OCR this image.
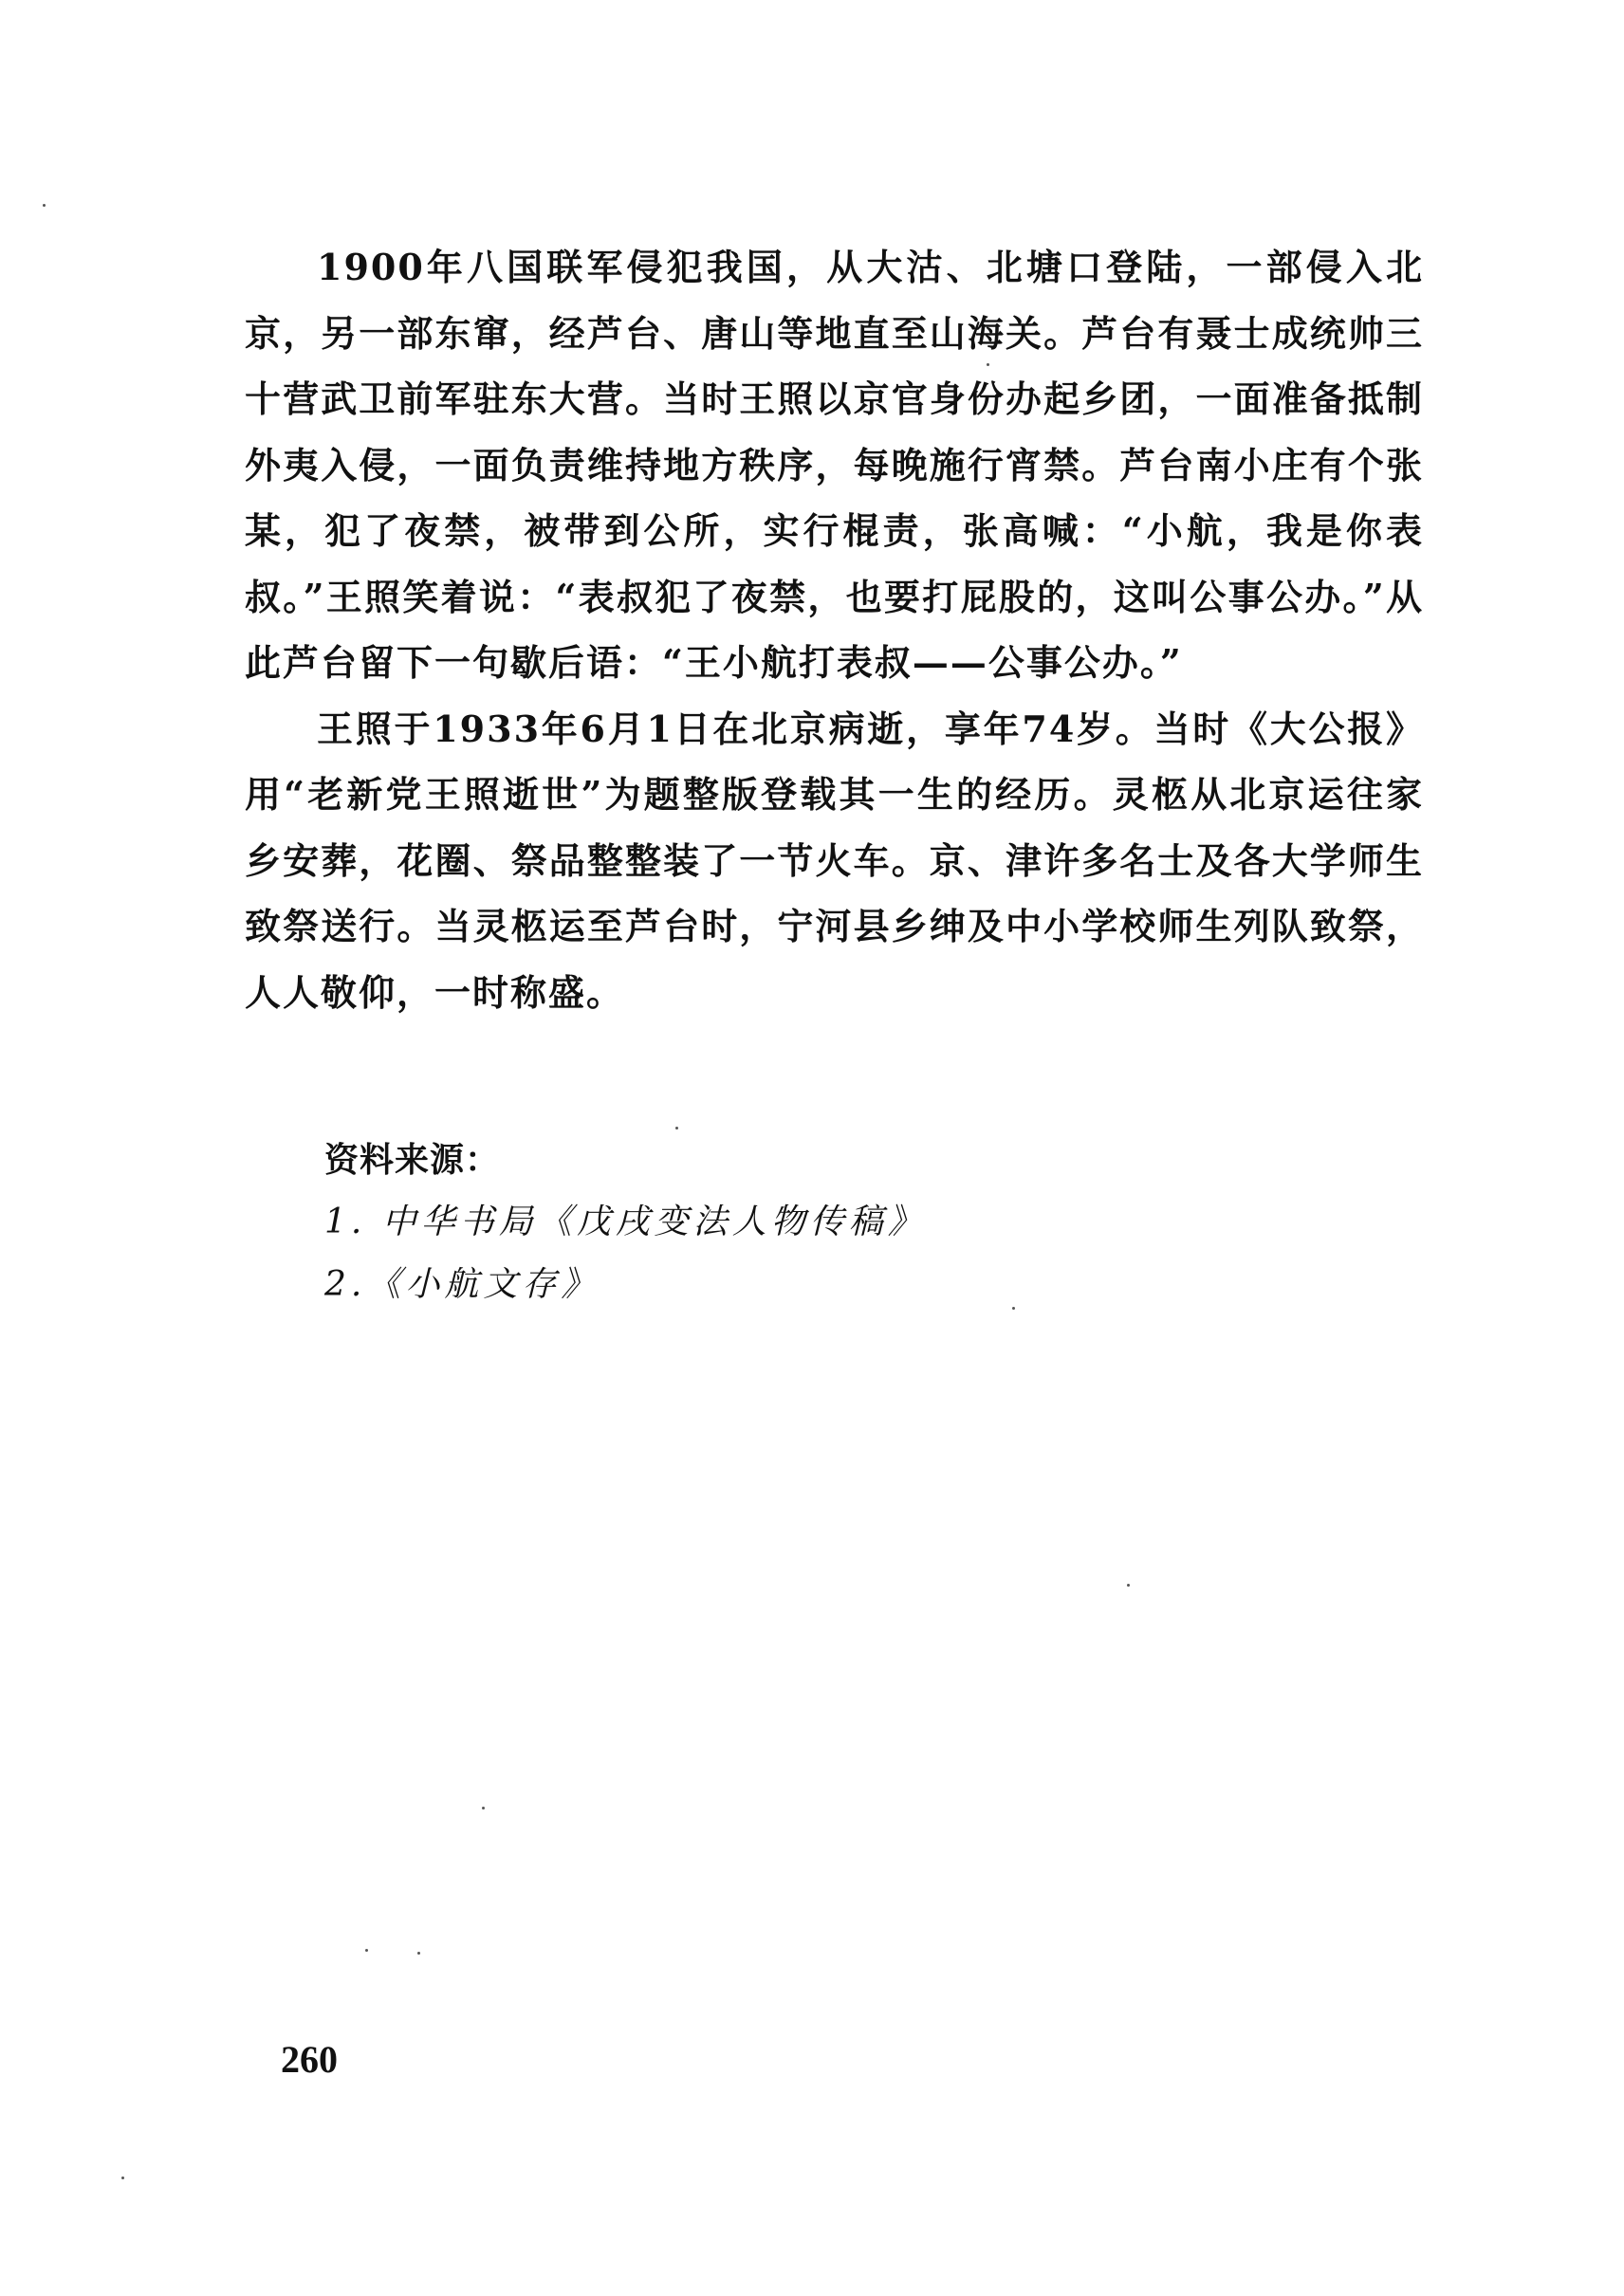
1900年八国联军侵犯我国，从大沽、北塘口登陆，一部侵入北京，另一部东窜，经芦台、唐山等地直至山海关。芦台有聂士成统帅三十营武卫前军驻东大营。当时王照以京官身份办起乡团，一面准备抵制外夷入侵，一面负责维持地方秩序，每晚施行宵禁。芦台南小庄有个张某，犯了夜禁，被带到公所，实行棍责，张高喊：“小航，我是你表叔。”王照笑着说：“表叔犯了夜禁，也要打屁股的，这叫公事公办。”从此芦台留下一句歇后语：“王小航打表叔——公事公办。”

王照于1933年6月1日在北京病逝，享年74岁。当时《大公报》用“老新党王照逝世”为题整版登载其一生的经历。灵柩从北京运往家乡安葬，花圈、祭品整整装了一节火车。京、津许多名士及各大学师生致祭送行。当灵柩运至芦台时，宁河县乡绅及中小学校师生列队致祭，人人敬仰，一时称盛。

资料来源：

1. 中华书局《戊戌变法人物传稿》

2.《小航文存》

260
